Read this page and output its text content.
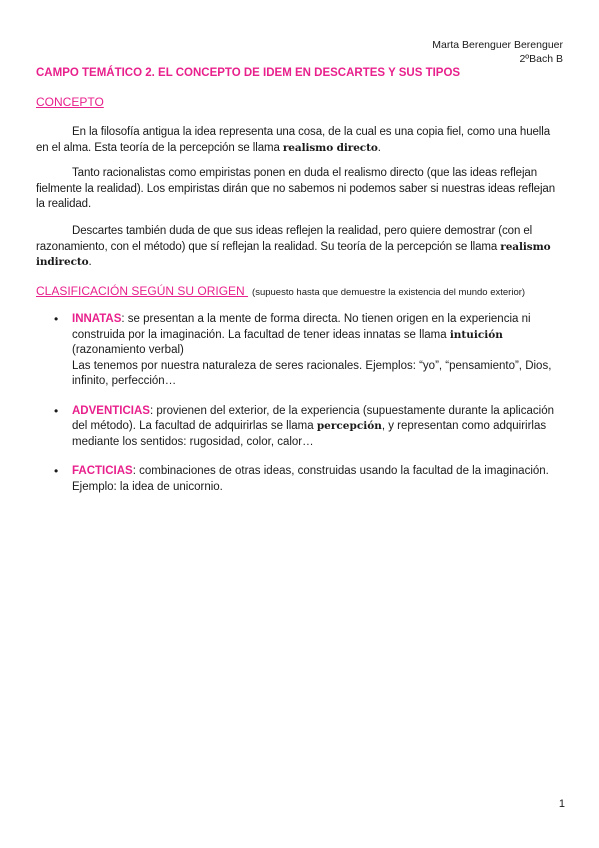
Marta Berenguer Berenguer
2ºBach B
CAMPO TEMÁTICO 2. EL CONCEPTO DE IDEM EN DESCARTES Y SUS TIPOS
CONCEPTO
En la filosofía antigua la idea representa una cosa, de la cual es una copia fiel, como una huella en el alma. Esta teoría de la percepción se llama realismo directo.
Tanto racionalistas como empiristas ponen en duda el realismo directo (que las ideas reflejan fielmente la realidad). Los empiristas dirán que no sabemos ni podemos saber si nuestras ideas reflejan la realidad.
Descartes también duda de que sus ideas reflejen la realidad, pero quiere demostrar (con el razonamiento, con el método) que sí reflejan la realidad. Su teoría de la percepción se llama realismo indirecto.
CLASIFICACIÓN SEGÚN SU ORIGEN (supuesto hasta que demuestre la existencia del mundo exterior)
• INNATAS: se presentan a la mente de forma directa. No tienen origen en la experiencia ni construida por la imaginación. La facultad de tener ideas innatas se llama intuición (razonamiento verbal)
Las tenemos por nuestra naturaleza de seres racionales. Ejemplos: “yo”, “pensamiento”, Dios, infinito, perfección…
• ADVENTICIAS: provienen del exterior, de la experiencia (supuestamente durante la aplicación del método). La facultad de adquirirlas se llama percepción, y representan como adquirirlas mediante los sentidos: rugosidad, color, calor…
• FACTICIAS: combinaciones de otras ideas, construidas usando la facultad de la imaginación. Ejemplo: la idea de unicornio.
1
